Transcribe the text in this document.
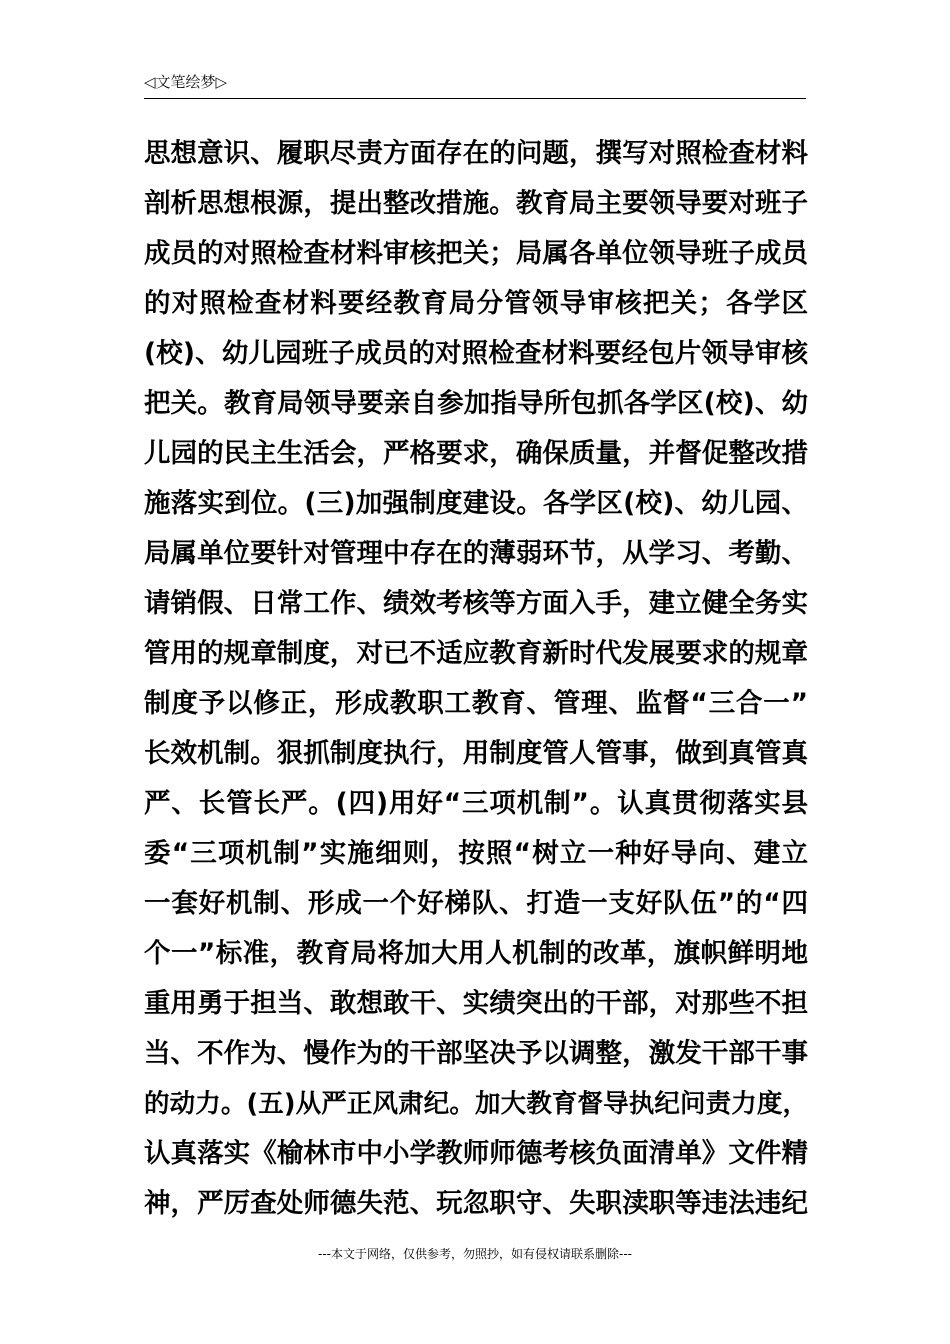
◁文笔绘梦▷
思想意识、履职尽责方面存在的问题，撰写对照检查材料
剖析思想根源，提出整改措施。教育局主要领导要对班子
成员的对照检查材料审核把关；局属各单位领导班子成员
的对照检查材料要经教育局分管领导审核把关；各学区
(校)、幼儿园班子成员的对照检查材料要经包片领导审核
把关。教育局领导要亲自参加指导所包抓各学区(校)、幼
儿园的民主生活会，严格要求，确保质量，并督促整改措
施落实到位。(三)加强制度建设。各学区(校)、幼儿园、
局属单位要针对管理中存在的薄弱环节，从学习、考勤、
请销假、日常工作、绩效考核等方面入手，建立健全务实
管用的规章制度，对已不适应教育新时代发展要求的规章
制度予以修正，形成教职工教育、管理、监督“三合一”
长效机制。狠抓制度执行，用制度管人管事，做到真管真
严、长管长严。(四)用好“三项机制”。认真贯彻落实县
委“三项机制”实施细则，按照“树立一种好导向、建立
一套好机制、形成一个好梯队、打造一支好队伍”的“四
个一”标准，教育局将加大用人机制的改革，旗帜鲜明地
重用勇于担当、敢想敢干、实绩突出的干部，对那些不担
当、不作为、慢作为的干部坚决予以调整，激发干部干事
的动力。(五)从严正风肃纪。加大教育督导执纪问责力度，
认真落实《榆林市中小学教师师德考核负面清单》文件精
神，严厉查处师德失范、玩忽职守、失职渎职等违法违纪
---本文于网络，仅供参考，勿照抄，如有侵权请联系删除---
